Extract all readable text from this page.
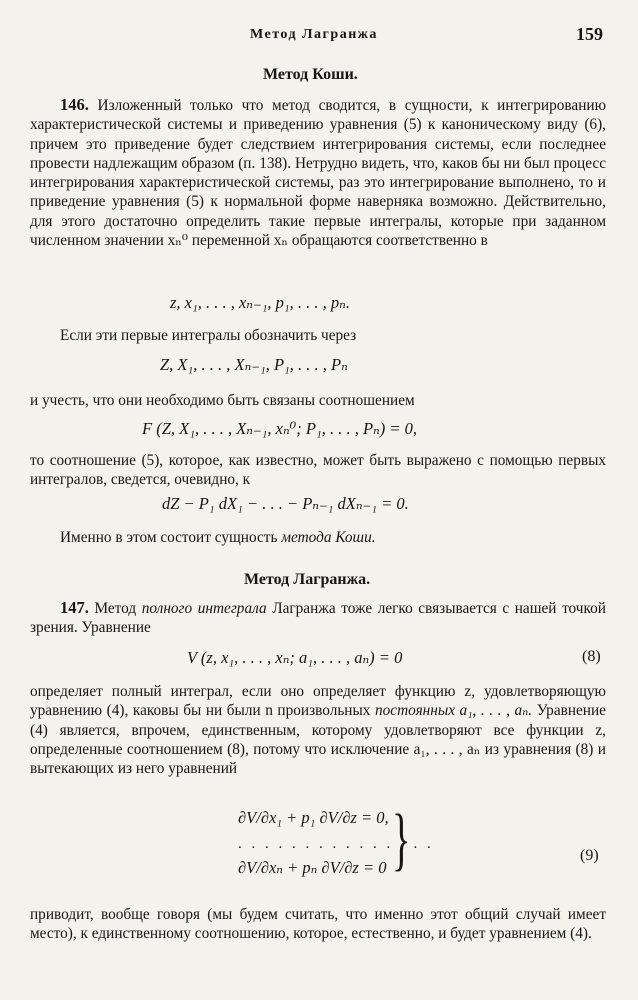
Метод Лагранжа	159
Метод Коши.

146. Изложенный только что метод сводится, в сущности, к интегрированию характеристической системы и приведению уравнения (5) к каноническому виду (6), причем это приведение будет следствием интегрирования системы, если последнее провести надлежащим образом (п. 138). Нетрудно видеть, что, каков бы ни был процесс интегрирования характеристической системы, раз это интегрирование выполнено, то и приведение уравнения (5) к нормальной форме наверняка возможно. Действительно, для этого достаточно определить такие первые интегралы, которые при заданном численном значении xₙ⁰ переменной xₙ обращаются соответственно в

z, x₁, . . . , xₙ₋₁, p₁, . . . , pₙ.

Если эти первые интегралы обозначить через

Z, X₁, . . . , Xₙ₋₁, P₁, . . . , Pₙ

и учесть, что они необходимо быть связаны соотношением

F (Z, X₁, . . . , Xₙ₋₁, xₙ⁰; P₁, . . . , Pₙ) = 0,

то соотношение (5), которое, как известно, может быть выражено с помощью первых интегралов, сведется, очевидно, к

dZ − P₁ dX₁ − . . . − Pₙ₋₁ dXₙ₋₁ = 0.

Именно в этом состоит сущность метода Коши.

Метод Лагранжа.

147. Метод полного интеграла Лагранжа тоже легко связывается с нашей точкой зрения. Уравнение

V (z, x₁, . . . , xₙ; a₁, . . . , aₙ) = 0	(8)

определяет полный интеграл, если оно определяет функцию z, удовлетворяющую уравнению (4), каковы бы ни были n произвольных постоянных a₁, . . . , aₙ. Уравнение (4) является, впрочем, единственным, которому удовлетворяют все функции z, определенные соотношением (8), потому что исключение a₁, . . . , aₙ из уравнения (8) и вытекающих из него уравнений

∂V/∂x₁ + p₁ ∂V/∂z = 0,
. . . . . . . . . . . . . . .
∂V/∂xₙ + pₙ ∂V/∂z = 0 }	(9)

приводит, вообще говоря (мы будем считать, что именно этот общий случай имеет место), к единственному соотношению, которое, естественно, и будет уравнением (4).
